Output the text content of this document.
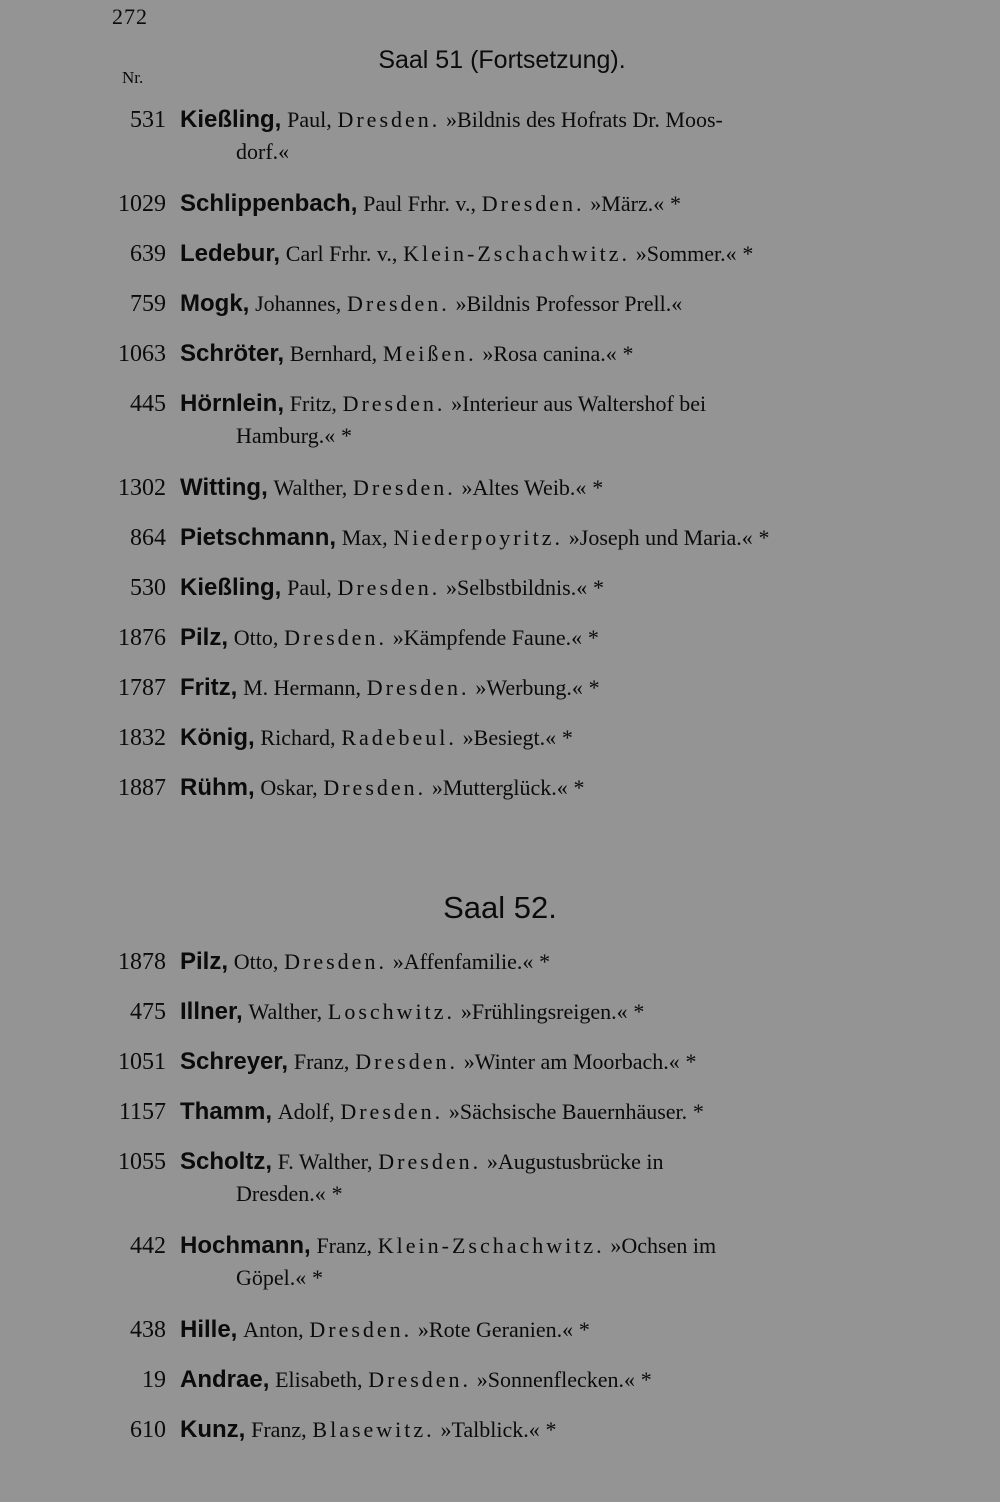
272
Nr.
Saal 51 (Fortsetzung).
531 Kießling, Paul, Dresden. »Bildnis des Hofrats Dr. Moos-
dorf.«
1029 Schlippenbach, Paul Frhr. v., Dresden. »März.« *
639 Ledebur, Carl Frhr. v., Klein-Zschachwitz. »Sommer.« *
759 Mogk, Johannes, Dresden. »Bildnis Professor Prell.«
1063 Schröter, Bernhard, Meißen. »Rosa canina.« *
445 Hörnlein, Fritz, Dresden. »Interieur aus Waltershof bei
Hamburg.« *
1302 Witting, Walther, Dresden. »Altes Weib.« *
864 Pietschmann, Max, Niederpoyritz. »Joseph und Maria.« *
530 Kießling, Paul, Dresden. »Selbstbildnis.« *
1876 Pilz, Otto, Dresden. »Kämpfende Faune.« *
1787 Fritz, M. Hermann, Dresden. »Werbung.« *
1832 König, Richard, Radebeul. »Besiegt.« *
1887 Rühm, Oskar, Dresden. »Mutterglück.« *
Saal 52.
1878 Pilz, Otto, Dresden. »Affenfamilie.« *
475 Illner, Walther, Loschwitz. »Frühlingsreigen.« *
1051 Schreyer, Franz, Dresden. »Winter am Moorbach.« *
1157 Thamm, Adolf, Dresden. »Sächsische Bauernhäuser. *
1055 Scholtz, F. Walther, Dresden. »Augustusbrücke in
Dresden.« *
442 Hochmann, Franz, Klein-Zschachwitz. »Ochsen im
Göpel.« *
438 Hille, Anton, Dresden. »Rote Geranien.« *
19 Andrae, Elisabeth, Dresden. »Sonnenflecken.« *
610 Kunz, Franz, Blasewitz. »Talblick.« *
